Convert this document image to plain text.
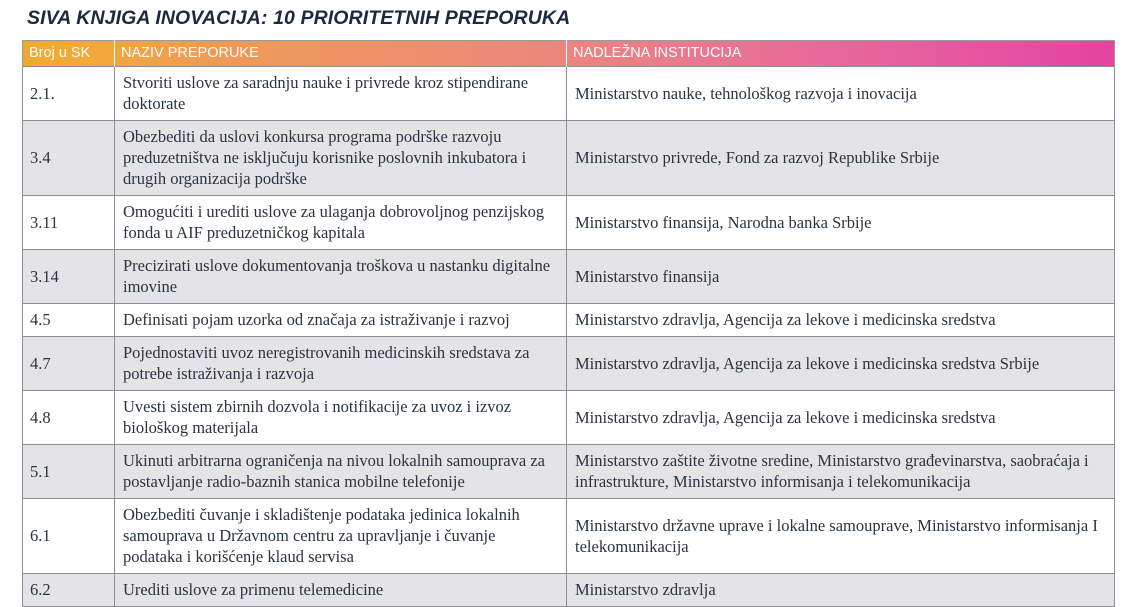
SIVA KNJIGA INOVACIJA: 10 PRIORITETNIH PREPORUKA
Broj u SK	NAZIV PREPORUKE	NADLEŽNA INSTITUCIJA
2.1.	Stvoriti uslove za saradnju nauke i privrede kroz stipendirane doktorate	Ministarstvo nauke, tehnološkog razvoja i inovacija
3.4	Obezbediti da uslovi konkursa programa podrške razvoju preduzetništva ne isključuju korisnike poslovnih inkubatora i drugih organizacija podrške	Ministarstvo privrede, Fond za razvoj Republike Srbije
3.11	Omogućiti i urediti uslove za ulaganja dobrovoljnog penzijskog fonda u AIF preduzetničkog kapitala	Ministarstvo finansija, Narodna banka Srbije
3.14	Precizirati uslove dokumentovanja troškova u nastanku digitalne imovine	Ministarstvo finansija
4.5	Definisati pojam uzorka od značaja za istraživanje i razvoj	Ministarstvo zdravlja, Agencija za lekove i medicinska sredstva
4.7	Pojednostaviti uvoz neregistrovanih medicinskih sredstava za potrebe istraživanja i razvoja	Ministarstvo zdravlja, Agencija za lekove i medicinska sredstva Srbije
4.8	Uvesti sistem zbirnih dozvola i notifikacije za uvoz i izvoz biološkog materijala	Ministarstvo zdravlja, Agencija za lekove i medicinska sredstva
5.1	Ukinuti arbitrarna ograničenja na nivou lokalnih samouprava za postavljanje radio-baznih stanica mobilne telefonije	Ministarstvo zaštite životne sredine, Ministarstvo građevinarstva, saobraćaja i infrastrukture, Ministarstvo informisanja i telekomunikacija
6.1	Obezbediti čuvanje i skladištenje podataka jedinica lokalnih samouprava u Državnom centru za upravljanje i čuvanje podataka i korišćenje klaud servisa	Ministarstvo državne uprave i lokalne samouprave, Ministarstvo informisanja I telekomunikacija
6.2	Urediti uslove za primenu telemedicine	Ministarstvo zdravlja
